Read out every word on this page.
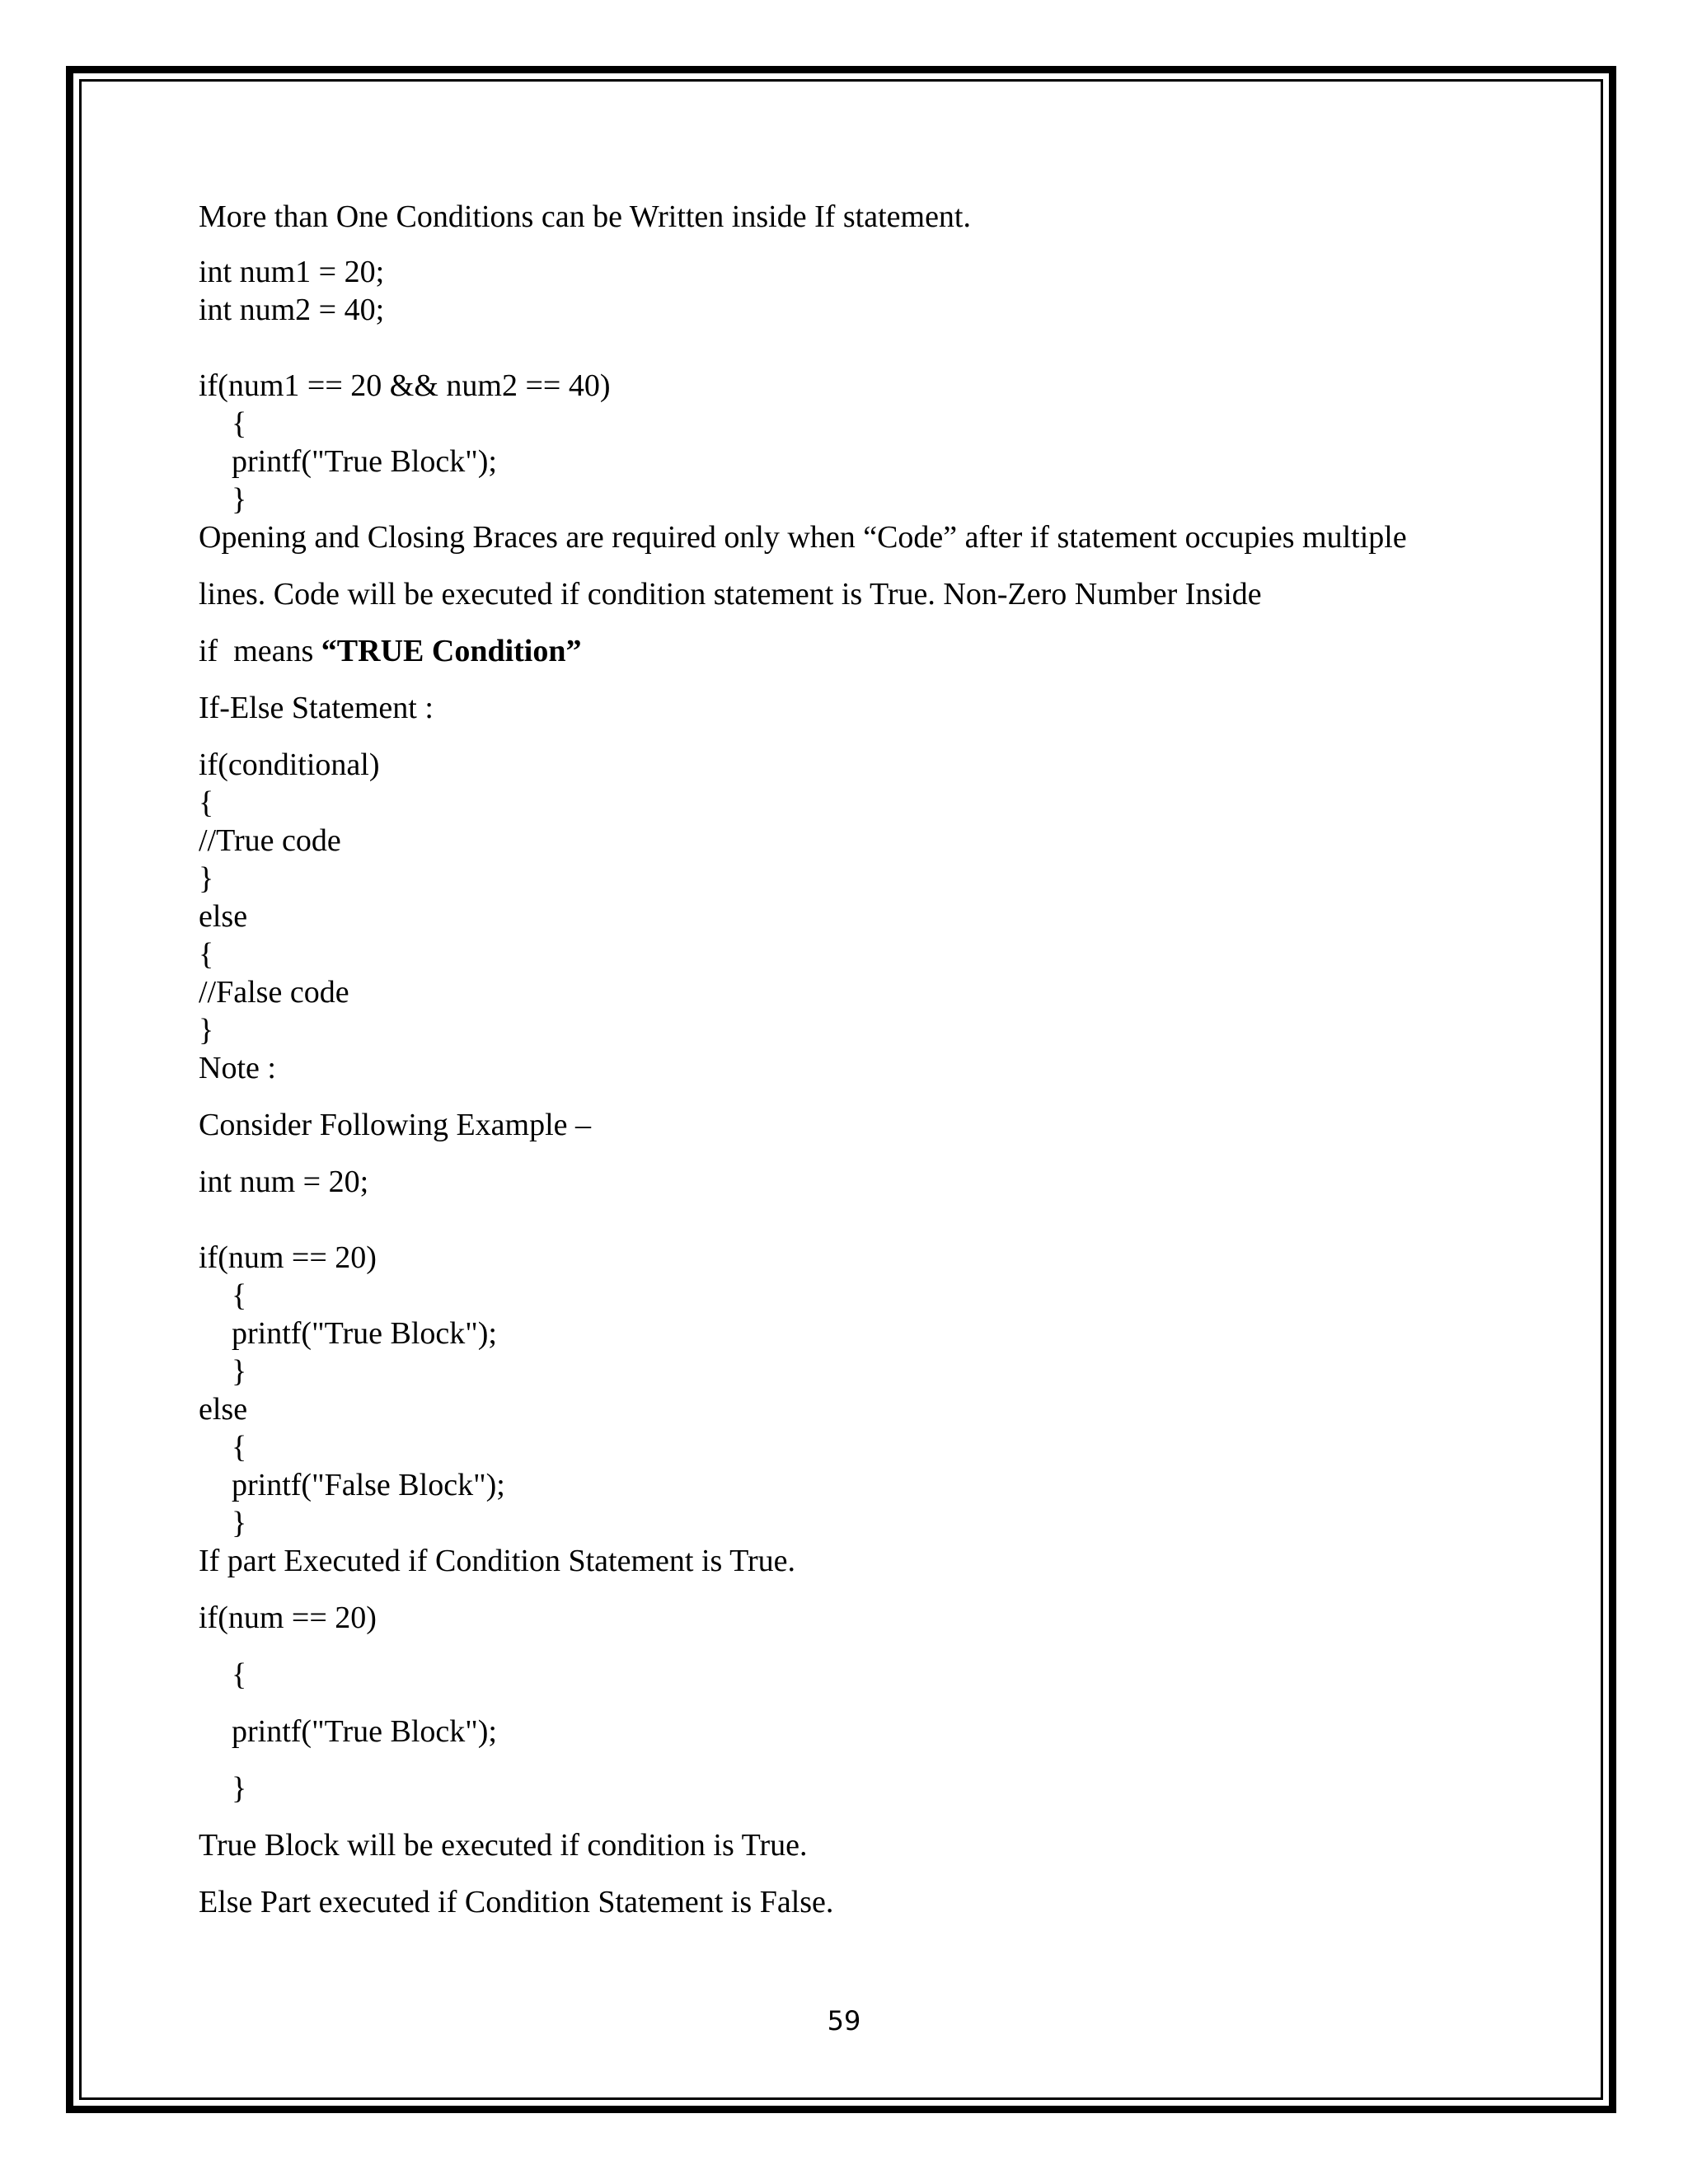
More than One Conditions can be Written inside If statement.

int num1 = 20;

int num2 = 40;

if(num1 == 20 && num2 == 40)

{

printf("True Block");

}

Opening and Closing Braces are required only when “Code” after if statement occupies multiple

lines. Code will be executed if condition statement is True. Non-Zero Number Inside

if  means “TRUE Condition”

If-Else Statement :

if(conditional)

{

//True code

}

else

{

//False code

}

Note :

Consider Following Example –

int num = 20;

if(num == 20)

{

printf("True Block");

}

else

{

printf("False Block");

}

If part Executed if Condition Statement is True.

if(num == 20)

{

printf("True Block");

}

True Block will be executed if condition is True.

Else Part executed if Condition Statement is False.

59
